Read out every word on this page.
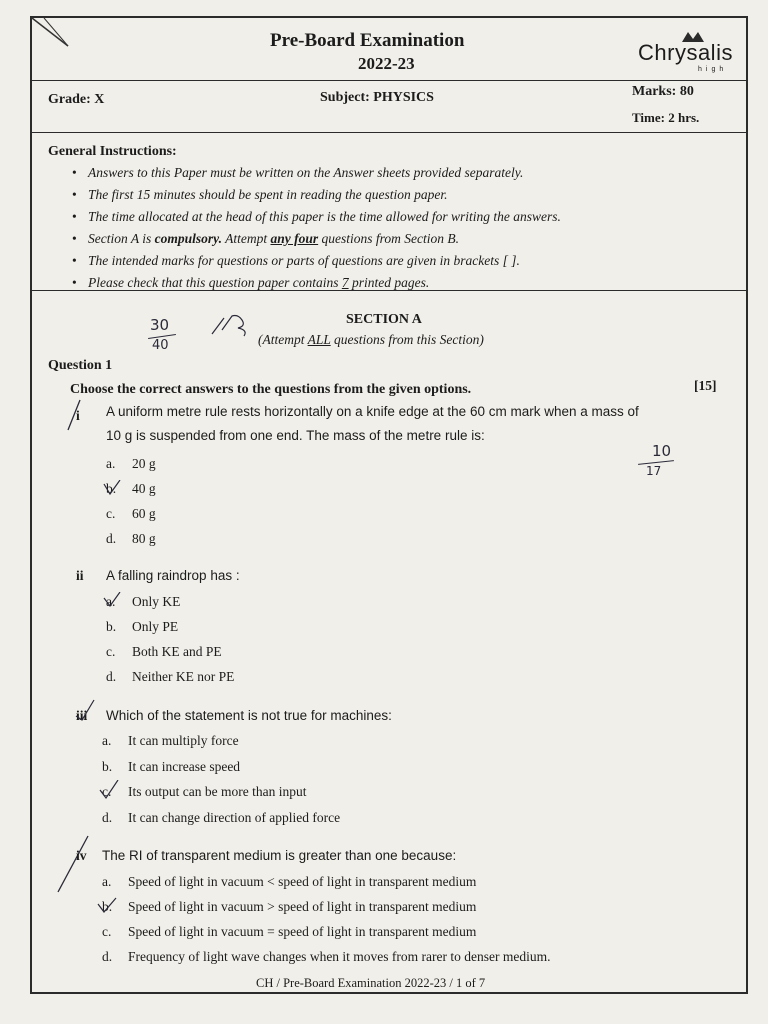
Pre-Board Examination
2022-23	Chrysalis
high
Grade: X	Subject: PHYSICS	Marks: 80
Time: 2 hrs.
General Instructions:
• Answers to this Paper must be written on the Answer sheets provided separately.
• The first 15 minutes should be spent in reading the question paper.
• The time allocated at the head of this paper is the time allowed for writing the answers.
• Section A is compulsory. Attempt any four questions from Section B.
• The intended marks for questions or parts of questions are given in brackets [ ].
• Please check that this question paper contains 7 printed pages.
SECTION A
(Attempt ALL questions from this Section)
30
40
Question 1
Choose the correct answers to the questions from the given options.	[15]
i A uniform metre rule rests horizontally on a knife edge at the 60 cm mark when a mass of
10 g is suspended from one end. The mass of the metre rule is:
a. 20 g
b. 40 g
c. 60 g
d. 80 g
10
17
ii A falling raindrop has :
a. Only KE
b. Only PE
c. Both KE and PE
d. Neither KE nor PE
iii Which of the statement is not true for machines:
a. It can multiply force
b. It can increase speed
c. Its output can be more than input
d. It can change direction of applied force
iv The RI of transparent medium is greater than one because:
a. Speed of light in vacuum < speed of light in transparent medium
b. Speed of light in vacuum > speed of light in transparent medium
c. Speed of light in vacuum = speed of light in transparent medium
d. Frequency of light wave changes when it moves from rarer to denser medium.
CH / Pre-Board Examination 2022-23 / 1 of 7
